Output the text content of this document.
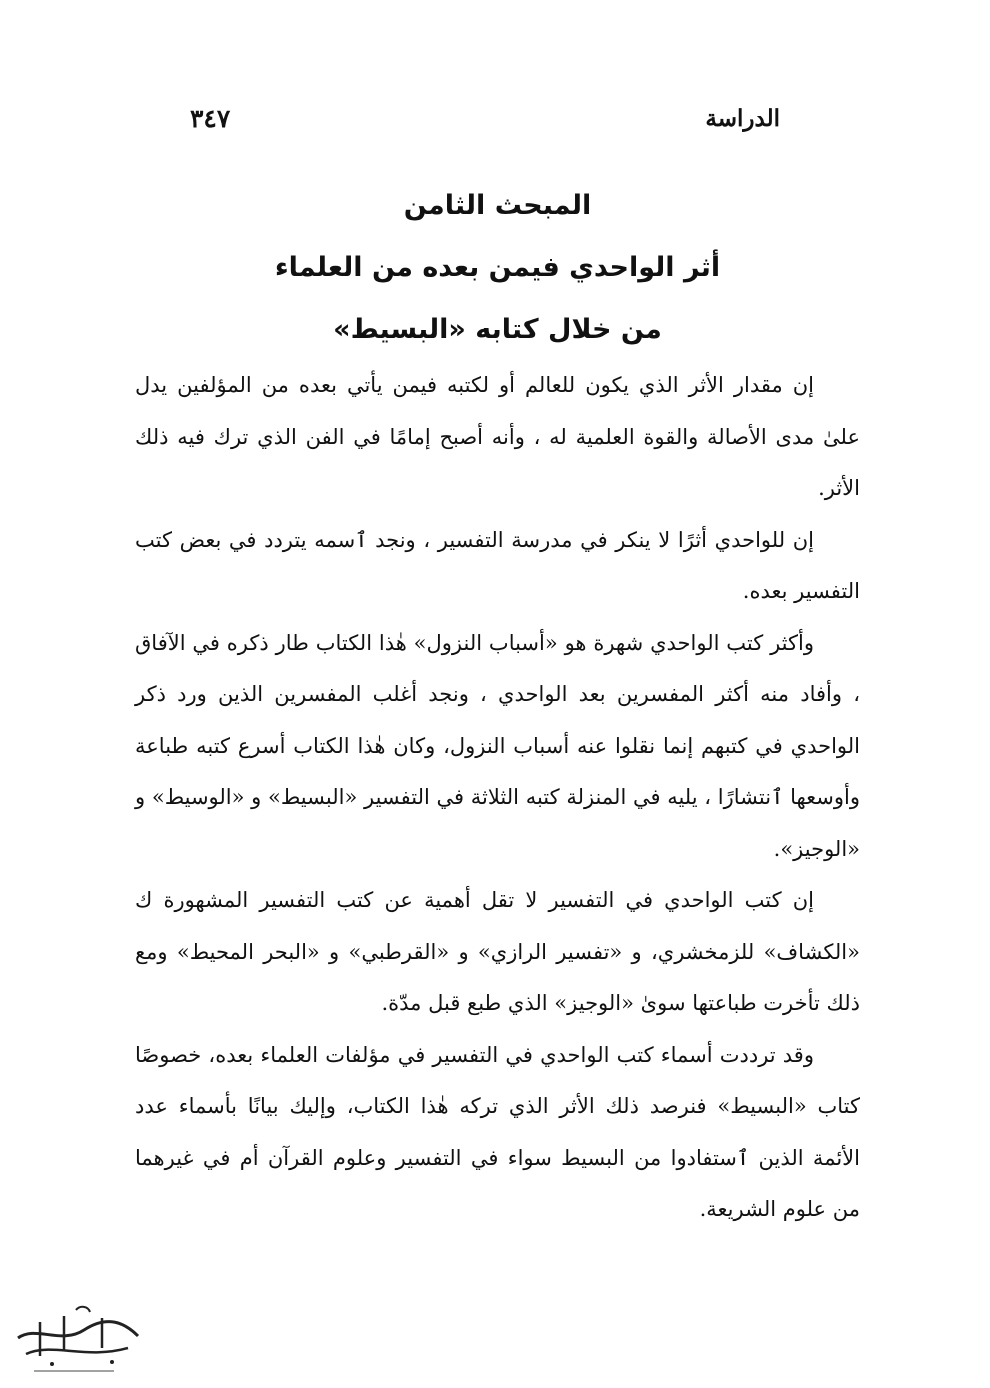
الدراسة
٣٤٧
المبحث الثامن
أثر الواحدي فيمن بعده من العلماء
من خلال كتابه «البسيط»

إن مقدار الأثر الذي يكون للعالم أو لكتبه فيمن يأتي بعده من المؤلفين يدل علىٰ مدى الأصالة والقوة العلمية له ، وأنه أصبح إمامًا في الفن الذي ترك فيه ذلك الأثر.

إن للواحدي أثرًا لا ينكر في مدرسة التفسير ، ونجد ٱسمه يتردد في بعض كتب التفسير بعده.

وأكثر كتب الواحدي شهرة هو «أسباب النزول» هٰذا الكتاب طار ذكره في الآفاق ، وأفاد منه أكثر المفسرين بعد الواحدي ، ونجد أغلب المفسرين الذين ورد ذكر الواحدي في كتبهم إنما نقلوا عنه أسباب النزول، وكان هٰذا الكتاب أسرع كتبه طباعة وأوسعها ٱنتشارًا ، يليه في المنزلة كتبه الثلاثة في التفسير «البسيط» و «الوسيط» و «الوجيز».

إن كتب الواحدي في التفسير لا تقل أهمية عن كتب التفسير المشهورة ك «الكشاف» للزمخشري، و «تفسير الرازي» و «القرطبي» و «البحر المحيط» ومع ذلك تأخرت طباعتها سوىٰ «الوجيز» الذي طبع قبل مدّة.

وقد ترددت أسماء كتب الواحدي في التفسير في مؤلفات العلماء بعده، خصوصًا كتاب «البسيط» فنرصد ذلك الأثر الذي تركه هٰذا الكتاب، وإليك بيانًا بأسماء عدد الأئمة الذين ٱستفادوا من البسيط سواء في التفسير وعلوم القرآن أم في غيرهما من علوم الشريعة.
